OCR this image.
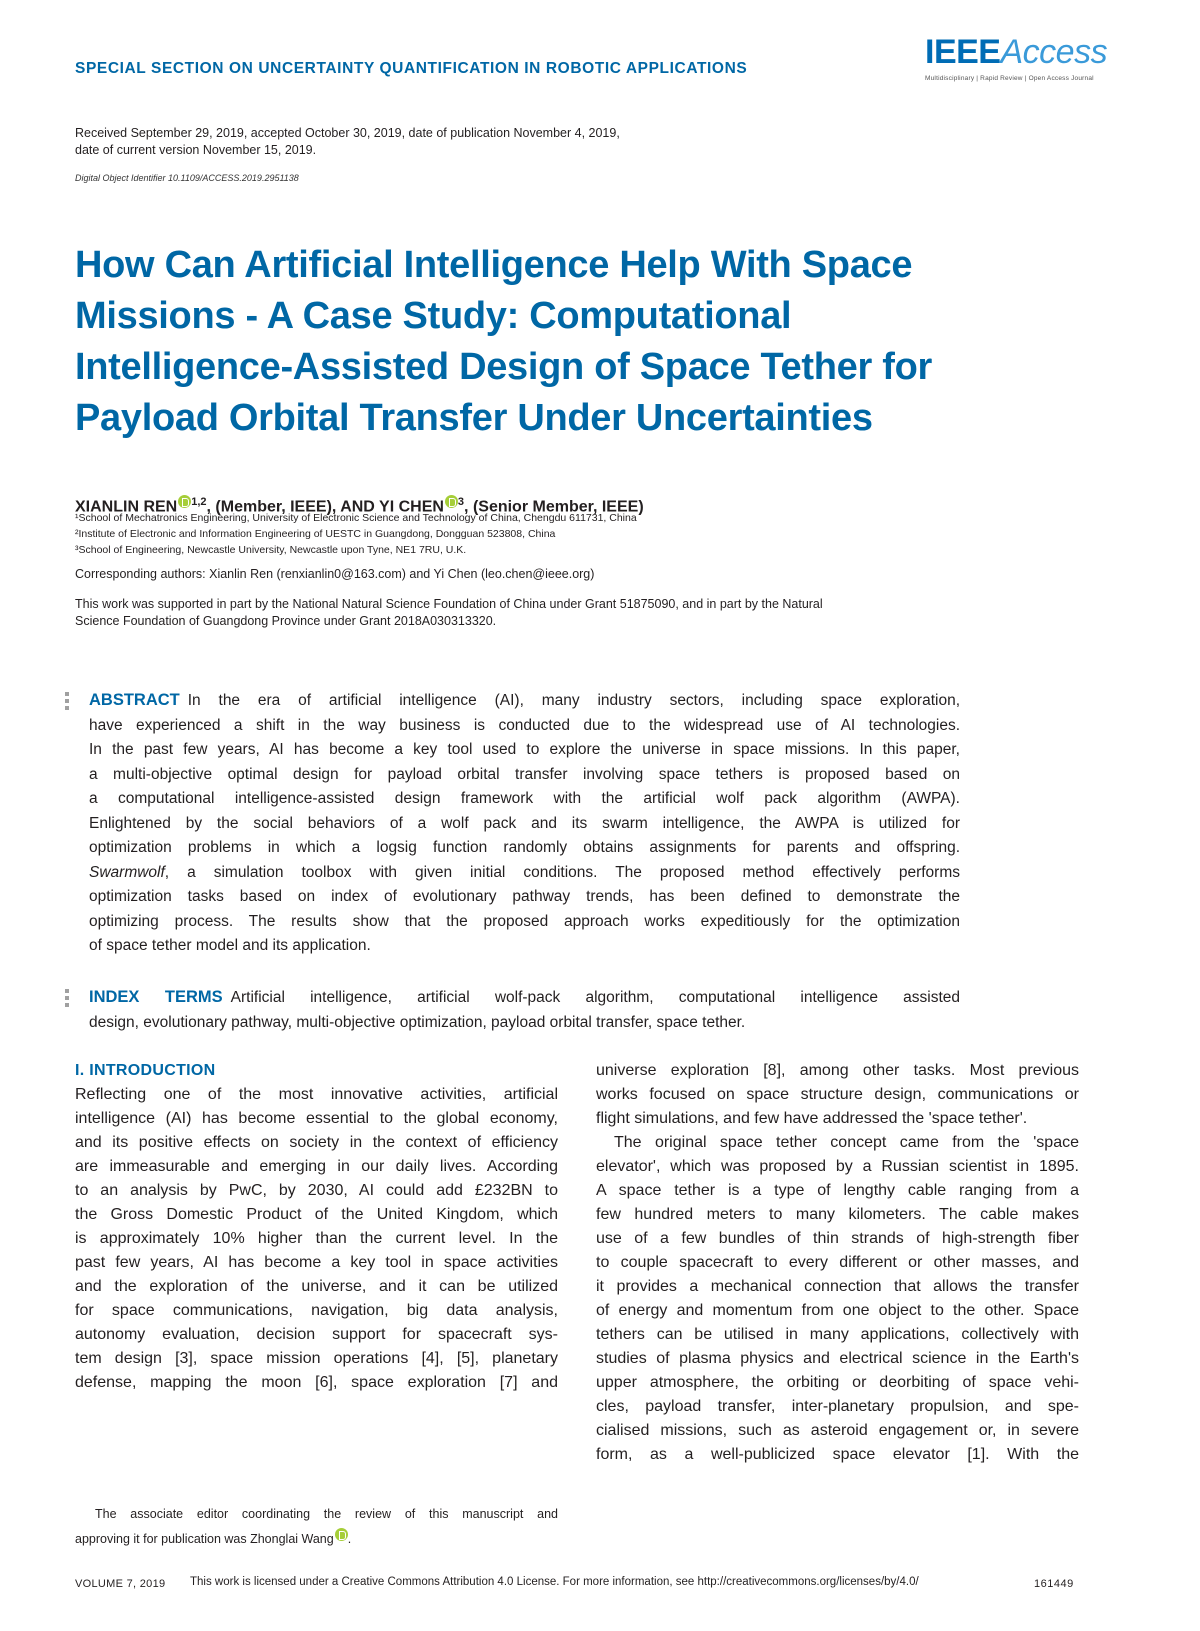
SPECIAL SECTION ON UNCERTAINTY QUANTIFICATION IN ROBOTIC APPLICATIONS	IEEEAccess
Multidisciplinary | Rapid Review | Open Access Journal
Received September 29, 2019, accepted October 30, 2019, date of publication November 4, 2019,
date of current version November 15, 2019.
Digital Object Identifier 10.1109/ACCESS.2019.2951138
How Can Artificial Intelligence Help With Space
Missions - A Case Study: Computational
Intelligence-Assisted Design of Space Tether for
Payload Orbital Transfer Under Uncertainties
XIANLIN REN $^{1,2}$, (Member, IEEE), AND YI CHEN $^3$, (Senior Member, IEEE)
¹School of Mechatronics Engineering, University of Electronic Science and Technology of China, Chengdu 611731, China
²Institute of Electronic and Information Engineering of UESTC in Guangdong, Dongguan 523808, China
³School of Engineering, Newcastle University, Newcastle upon Tyne, NE1 7RU, U.K.
Corresponding authors: Xianlin Ren (renxianlin0@163.com) and Yi Chen (leo.chen@ieee.org)
This work was supported in part by the National Natural Science Foundation of China under Grant 51875090, and in part by the Natural
Science Foundation of Guangdong Province under Grant 2018A030313320.
ABSTRACT In the era of artificial intelligence (AI), many industry sectors, including space exploration,
have experienced a shift in the way business is conducted due to the widespread use of AI technologies.
In the past few years, AI has become a key tool used to explore the universe in space missions. In this paper,
a multi-objective optimal design for payload orbital transfer involving space tethers is proposed based on
a computational intelligence-assisted design framework with the artificial wolf pack algorithm (AWPA).
Enlightened by the social behaviors of a wolf pack and its swarm intelligence, the AWPA is utilized for
optimization problems in which a logsig function randomly obtains assignments for parents and offspring.
Swarmwolf, a simulation toolbox with given initial conditions. The proposed method effectively performs
optimization tasks based on index of evolutionary pathway trends, has been defined to demonstrate the
optimizing process. The results show that the proposed approach works expeditiously for the optimization
of space tether model and its application.
INDEX TERMS Artificial intelligence, artificial wolf-pack algorithm, computational intelligence assisted
design, evolutionary pathway, multi-objective optimization, payload orbital transfer, space tether.
I. INTRODUCTION
Reflecting one of the most innovative activities, artificial
intelligence (AI) has become essential to the global economy,
and its positive effects on society in the context of efficiency
are immeasurable and emerging in our daily lives. According
to an analysis by PwC, by 2030, AI could add £232BN to
the Gross Domestic Product of the United Kingdom, which
is approximately 10% higher than the current level. In the
past few years, AI has become a key tool in space activities
and the exploration of the universe, and it can be utilized
for space communications, navigation, big data analysis,
autonomy evaluation, decision support for spacecraft sys-
tem design [3], space mission operations [4], [5], planetary
defense, mapping the moon [6], space exploration [7] and
The associate editor coordinating the review of this manuscript and
approving it for publication was Zhonglai Wang .
universe exploration [8], among other tasks. Most previous
works focused on space structure design, communications or
flight simulations, and few have addressed the 'space tether'.
The original space tether concept came from the 'space
elevator', which was proposed by a Russian scientist in 1895.
A space tether is a type of lengthy cable ranging from a
few hundred meters to many kilometers. The cable makes
use of a few bundles of thin strands of high-strength fiber
to couple spacecraft to every different or other masses, and
it provides a mechanical connection that allows the transfer
of energy and momentum from one object to the other. Space
tethers can be utilised in many applications, collectively with
studies of plasma physics and electrical science in the Earth's
upper atmosphere, the orbiting or deorbiting of space vehi-
cles, payload transfer, inter-planetary propulsion, and spe-
cialised missions, such as asteroid engagement or, in severe
form, as a well-publicized space elevator [1]. With the
VOLUME 7, 2019 This work is licensed under a Creative Commons Attribution 4.0 License. For more information, see http://creativecommons.org/licenses/by/4.0/	161449
